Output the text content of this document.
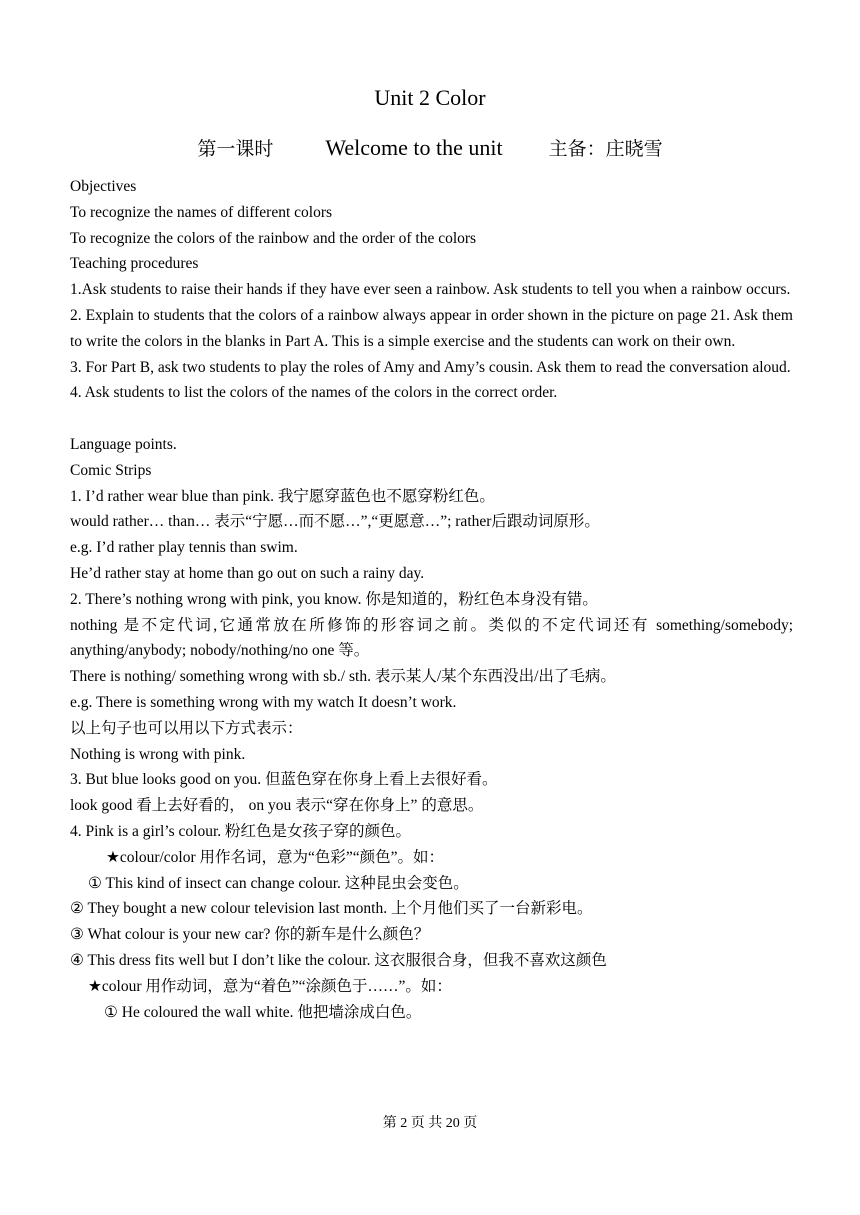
Unit 2 Color
第一课时 Welcome to the unit 主备：庄晓雪
Objectives
To recognize the names of different colors
To recognize the colors of the rainbow and the order of the colors
Teaching procedures
1.Ask students to raise their hands if they have ever seen a rainbow. Ask students to tell you when a rainbow occurs.
2. Explain to students that the colors of a rainbow always appear in order shown in the picture on page 21. Ask them to write the colors in the blanks in Part A. This is a simple exercise and the students can work on their own.
3. For Part B, ask two students to play the roles of Amy and Amy’s cousin. Ask them to read the conversation aloud.
4. Ask students to list the colors of the names of the colors in the correct order.
Language points.
Comic Strips
1. I’d rather wear blue than pink. 我宁愿穿蓝色也不愿穿粉红色。
would rather… than… 表示“宁愿…而不愿…”,“更愿意…”; rather后跟动词原形。
e.g. I’d rather play tennis than swim.
He’d rather stay at home than go out on such a rainy day.
2. There’s nothing wrong with pink, you know. 你是知道的，粉红色本身没有错。
nothing 是不定代词,它通常放在所修饰的形容词之前。类似的不定代词还有 something/somebody; anything/anybody; nobody/nothing/no one 等。
There is nothing/ something wrong with sb./ sth. 表示某人/某个东西没出/出了毛病。
e.g. There is something wrong with my watch It doesn’t work.
以上句子也可以用以下方式表示：
Nothing is wrong with pink.
3. But blue looks good on you. 但蓝色穿在你身上看上去很好看。
look good 看上去好看的， on you 表示“穿在你身上” 的意思。
4. Pink is a girl’s colour. 粉红色是女孩子穿的颜色。
★colour/color 用作名词，意为“色彩”“颜色”。如：
① This kind of insect can change colour. 这种昆虫会变色。
② They bought a new colour television last month. 上个月他们买了一台新彩电。
③ What colour is your new car? 你的新车是什么颜色？
④ This dress fits well but I don’t like the colour. 这衣服很合身，但我不喜欢这颜色
★colour 用作动词，意为“着色”“涂颜色于……”。如：
① He coloured the wall white. 他把墙涂成白色。
第 2 页 共 20 页
